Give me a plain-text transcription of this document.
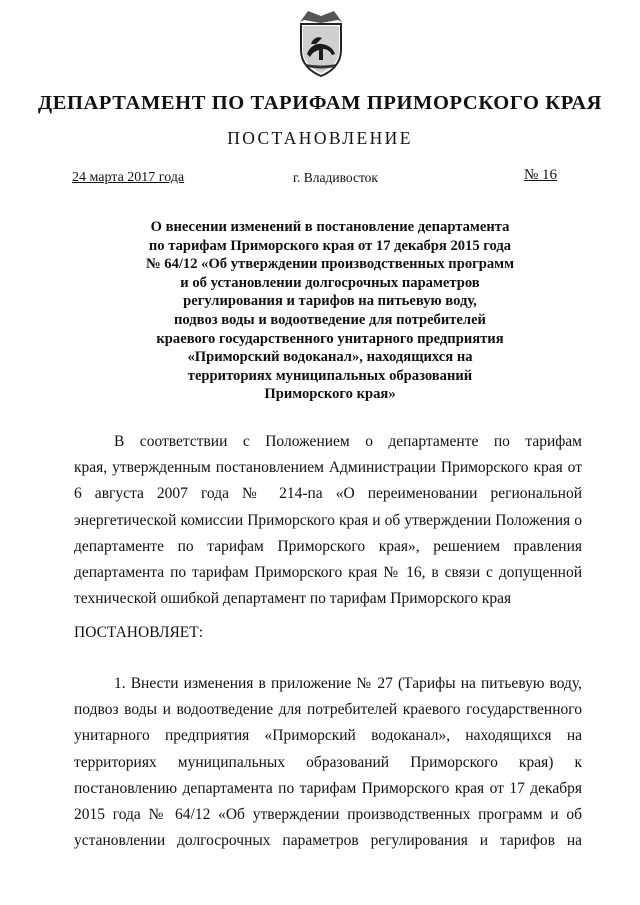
ДЕПАРТАМЕНТ ПО ТАРИФАМ ПРИМОРСКОГО КРАЯ
ПОСТАНОВЛЕНИЕ
24 марта 2017 года	г. Владивосток	№ 16
О внесении изменений в постановление департамента
по тарифам Приморского края от 17 декабря 2015 года
№ 64/12 «Об утверждении производственных программ
и об установлении долгосрочных параметров
регулирования и тарифов на питьевую воду,
подвоз воды и водоотведение для потребителей
краевого государственного унитарного предприятия
«Приморский водоканал», находящихся на
территориях муниципальных образований
Приморского края»
В соответствии с Положением о департаменте по тарифам
края, утвержденным постановлением Администрации Приморского края от
6 августа 2007 года № 214-па «О переименовании региональной
энергетической комиссии Приморского края и об утверждении Положения о
департаменте по тарифам Приморского края», решением правления
департамента по тарифам Приморского края № 16, в связи с допущенной
технической ошибкой департамент по тарифам Приморского края
ПОСТАНОВЛЯЕТ:
1. Внести изменения в приложение № 27 (Тарифы на питьевую воду,
подвоз воды и водоотведение для потребителей краевого государственного
унитарного предприятия «Приморский водоканал», находящихся на
территориях муниципальных образований Приморского края) к
постановлению департамента по тарифам Приморского края от 17 декабря
2015 года № 64/12 «Об утверждении производственных программ и об
установлении долгосрочных параметров регулирования и тарифов на
